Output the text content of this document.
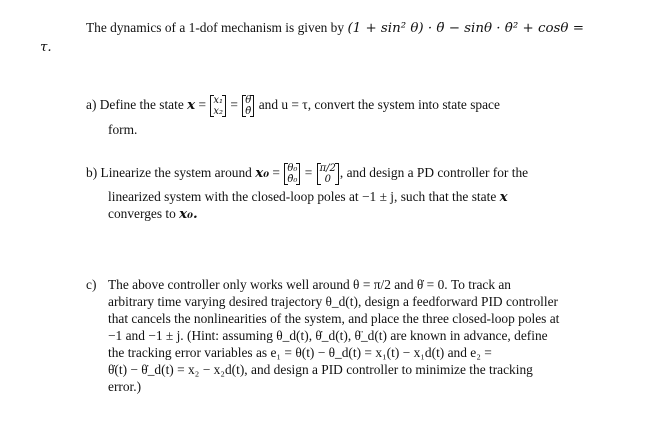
The dynamics of a 1-dof mechanism is given by (1 + sin² θ) · θ̈ − sinθ · θ̇² + cosθ =
τ.
a) Define the state x = x₁
x₂ = θ
θ̇ and u = τ, convert the system into state space
form.
b) Linearize the system around x₀ = θ₀
θ̇₀ = π/2
0 , and design a PD controller for the
linearized system with the closed-loop poles at −1 ± j, such that the state x
converges to x₀.
c) The above controller only works well around θ = π/2 and θ̇ = 0. To track an
arbitrary time varying desired trajectory θ_d(t), design a feedforward PID controller
that cancels the nonlinearities of the system, and place the three closed-loop poles at
−1 and −1 ± j. (Hint: assuming θ_d(t), θ̇_d(t), θ̈_d(t) are known in advance, define
the tracking error variables as e₁ = θ(t) − θ_d(t) = x₁(t) − x₁d(t) and e₂ =
θ̇(t) − θ̇_d(t) = x₂ − x₂d(t), and design a PID controller to minimize the tracking
error.)
